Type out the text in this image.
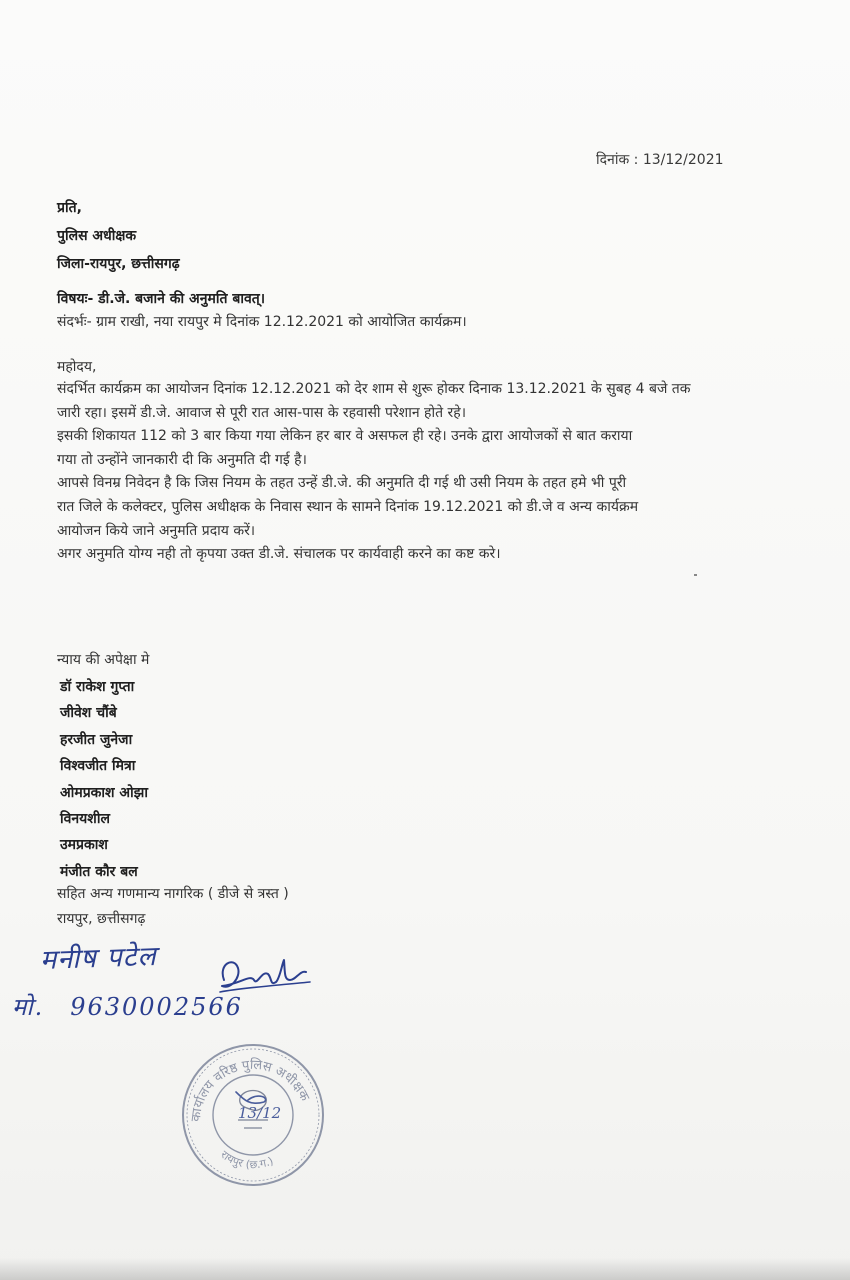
दिनांक : 13/12/2021
प्रति,
पुलिस अधीक्षक
जिला-रायपुर, छत्तीसगढ़
विषयः- डी.जे. बजाने की अनुमति बावत्।
संदर्भः- ग्राम राखी, नया रायपुर मे दिनांक 12.12.2021 को आयोजित कार्यक्रम।
महोदय,

संदर्भित कार्यक्रम का आयोजन दिनांक 12.12.2021 को देर शाम से शुरू होकर दिनाक 13.12.2021 के सुबह 4 बजे तक

जारी रहा। इसमें डी.जे. आवाज से पूरी रात आस-पास के रहवासी परेशान होते रहे।

इसकी शिकायत 112 को 3 बार किया गया लेकिन हर बार वे असफल ही रहे। उनके द्वारा आयोजकों से बात कराया

गया तो उन्होंने जानकारी दी कि अनुमति दी गई है।

आपसे विनम्र निवेदन है कि जिस नियम के तहत उन्हें डी.जे. की अनुमति दी गई थी उसी नियम के तहत हमे भी पूरी

रात जिले के कलेक्टर, पुलिस अधीक्षक के निवास स्थान के सामने दिनांक 19.12.2021 को डी.जे व अन्य कार्यक्रम

आयोजन किये जाने अनुमति प्रदाय करें।

अगर अनुमति योग्य नही तो कृपया उक्त डी.जे. संचालक पर कार्यवाही करने का कष्ट करे।

न्याय की अपेक्षा मे
डॉ राकेश गुप्ता
जीवेश चौंबे
हरजीत जुनेजा
विश्वजीत मित्रा
ओमप्रकाश ओझा
विनयशील
उमप्रकाश
मंजीत कौर बल
सहित अन्य गणमान्य नागरिक ( डीजे से त्रस्त )
रायपुर, छत्तीसगढ़
मनीष पटेल
मो. 9630002566
कार्यालय वरिष्ठ पुलिस अधीक्षक
रायपुर (छ.ग.)
13/12
